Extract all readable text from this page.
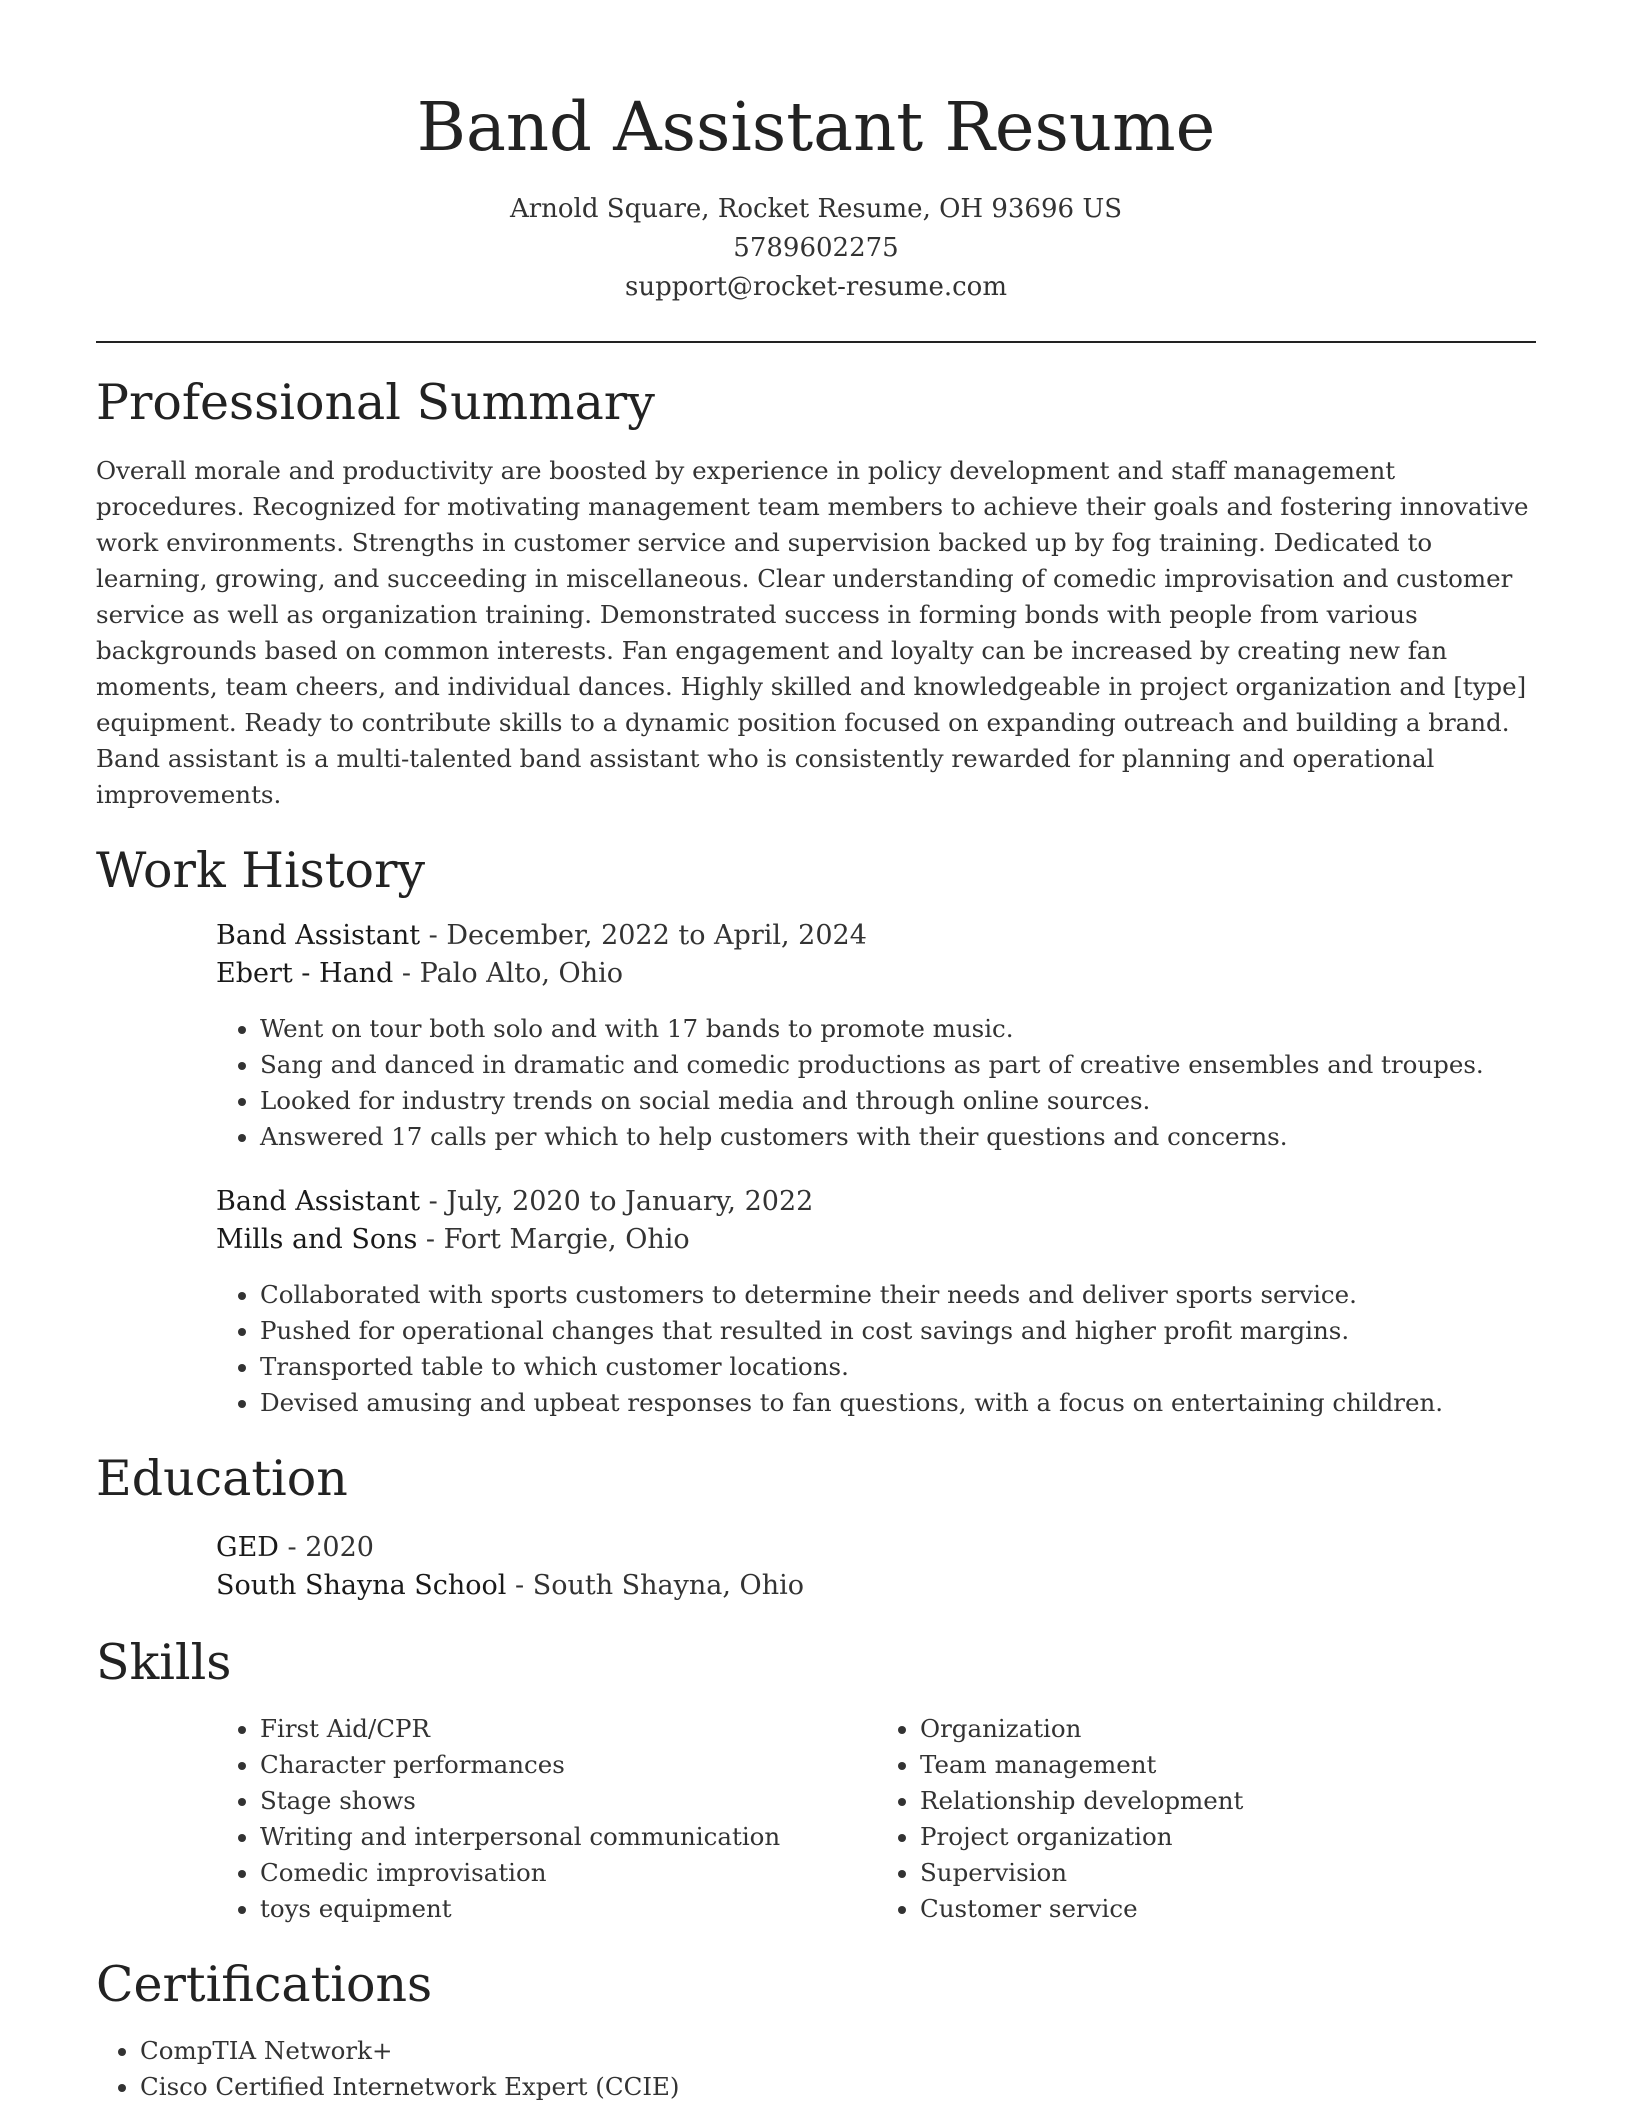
Band Assistant Resume
Arnold Square, Rocket Resume, OH 93696 US
5789602275
support@rocket-resume.com
Professional Summary

Overall morale and productivity are boosted by experience in policy development and staff management procedures. Recognized for motivating management team members to achieve their goals and fostering innovative work environments. Strengths in customer service and supervision backed up by fog training. Dedicated to learning, growing, and succeeding in miscellaneous. Clear understanding of comedic improvisation and customer service as well as organization training. Demonstrated success in forming bonds with people from various backgrounds based on common interests. Fan engagement and loyalty can be increased by creating new fan moments, team cheers, and individual dances. Highly skilled and knowledgeable in project organization and [type] equipment. Ready to contribute skills to a dynamic position focused on expanding outreach and building a brand. Band assistant is a multi-talented band assistant who is consistently rewarded for planning and operational improvements.

Work History
Band Assistant - December, 2022 to April, 2024
Ebert - Hand - Palo Alto, Ohio
• Went on tour both solo and with 17 bands to promote music.
• Sang and danced in dramatic and comedic productions as part of creative ensembles and troupes.
• Looked for industry trends on social media and through online sources.
• Answered 17 calls per which to help customers with their questions and concerns.
Band Assistant - July, 2020 to January, 2022
Mills and Sons - Fort Margie, Ohio
• Collaborated with sports customers to determine their needs and deliver sports service.
• Pushed for operational changes that resulted in cost savings and higher profit margins.
• Transported table to which customer locations.
• Devised amusing and upbeat responses to fan questions, with a focus on entertaining children.
Education
GED - 2020
South Shayna School - South Shayna, Ohio
Skills
• First Aid/CPR
• Character performances
• Stage shows
• Writing and interpersonal communication
• Comedic improvisation
• toys equipment
• Organization
• Team management
• Relationship development
• Project organization
• Supervision
• Customer service
Certifications
• CompTIA Network+
• Cisco Certified Internetwork Expert (CCIE)
